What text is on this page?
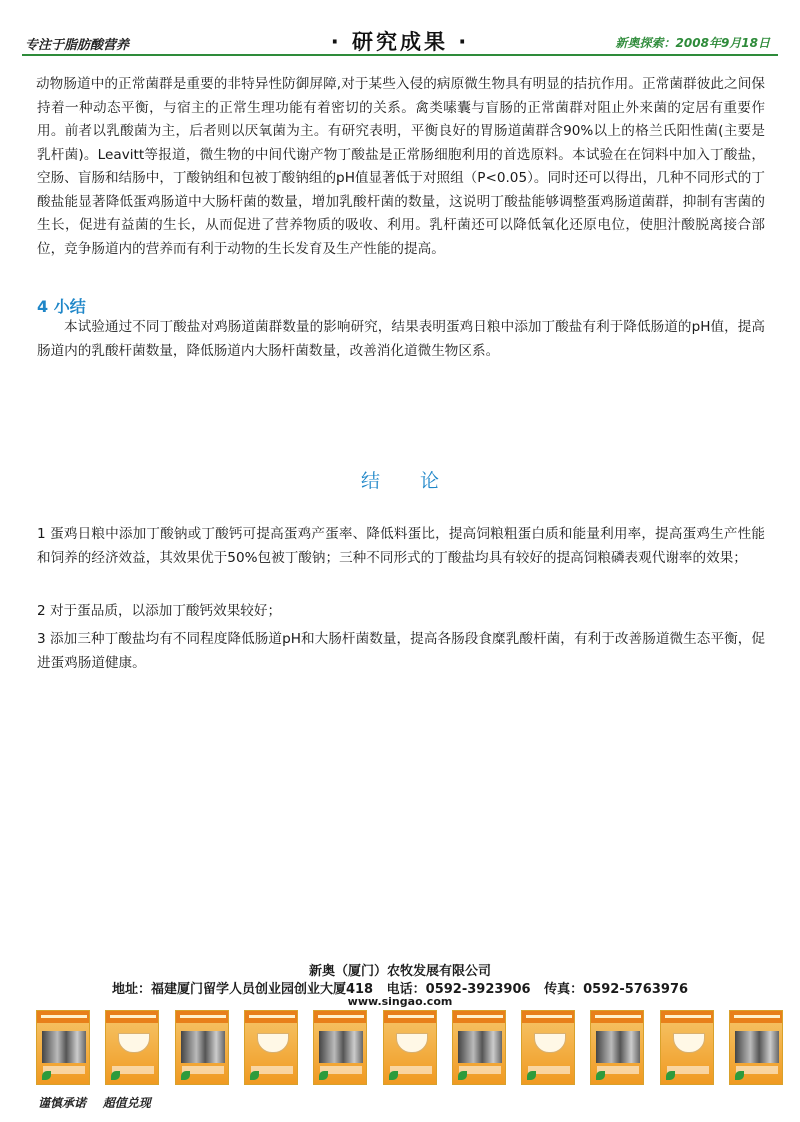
专注于脂肪酸营养	· 研究成果 ·	新奥探索：2008年9月18日

动物肠道中的正常菌群是重要的非特异性防御屏障,对于某些入侵的病原微生物具有明显的拮抗作用。正常菌群彼此之间保持着一种动态平衡，与宿主的正常生理功能有着密切的关系。禽类嗉囊与盲肠的正常菌群对阻止外来菌的定居有重要作用。前者以乳酸菌为主，后者则以厌氧菌为主。有研究表明，平衡良好的胃肠道菌群含90%以上的格兰氏阳性菌(主要是乳杆菌)。Leavitt等报道，微生物的中间代谢产物丁酸盐是正常肠细胞利用的首选原料。本试验在在饲料中加入丁酸盐，空肠、盲肠和结肠中，丁酸钠组和包被丁酸钠组的pH值显著低于对照组（P<0.05）。同时还可以得出，几种不同形式的丁酸盐能显著降低蛋鸡肠道中大肠杆菌的数量，增加乳酸杆菌的数量，这说明丁酸盐能够调整蛋鸡肠道菌群，抑制有害菌的生长，促进有益菌的生长，从而促进了营养物质的吸收、利用。乳杆菌还可以降低氧化还原电位，使胆汁酸脱离接合部位，竞争肠道内的营养而有利于动物的生长发育及生产性能的提高。

4 小结

本试验通过不同丁酸盐对鸡肠道菌群数量的影响研究，结果表明蛋鸡日粮中添加丁酸盐有利于降低肠道的pH值，提高肠道内的乳酸杆菌数量，降低肠道内大肠杆菌数量，改善消化道微生物区系。

结论

1 蛋鸡日粮中添加丁酸钠或丁酸钙可提高蛋鸡产蛋率、降低料蛋比，提高饲粮粗蛋白质和能量利用率，提高蛋鸡生产性能和饲养的经济效益，其效果优于50%包被丁酸钠；三种不同形式的丁酸盐均具有较好的提高饲粮磷表观代谢率的效果；

2 对于蛋品质，以添加丁酸钙效果较好；

3 添加三种丁酸盐均有不同程度降低肠道pH和大肠杆菌数量，提高各肠段食糜乳酸杆菌，有利于改善肠道微生态平衡，促进蛋鸡肠道健康。

新奥（厦门）农牧发展有限公司
地址：福建厦门留学人员创业园创业大厦418   电话：0592-3923906   传真：0592-5763976
www.singao.com
谨慎承诺    超值兑现
